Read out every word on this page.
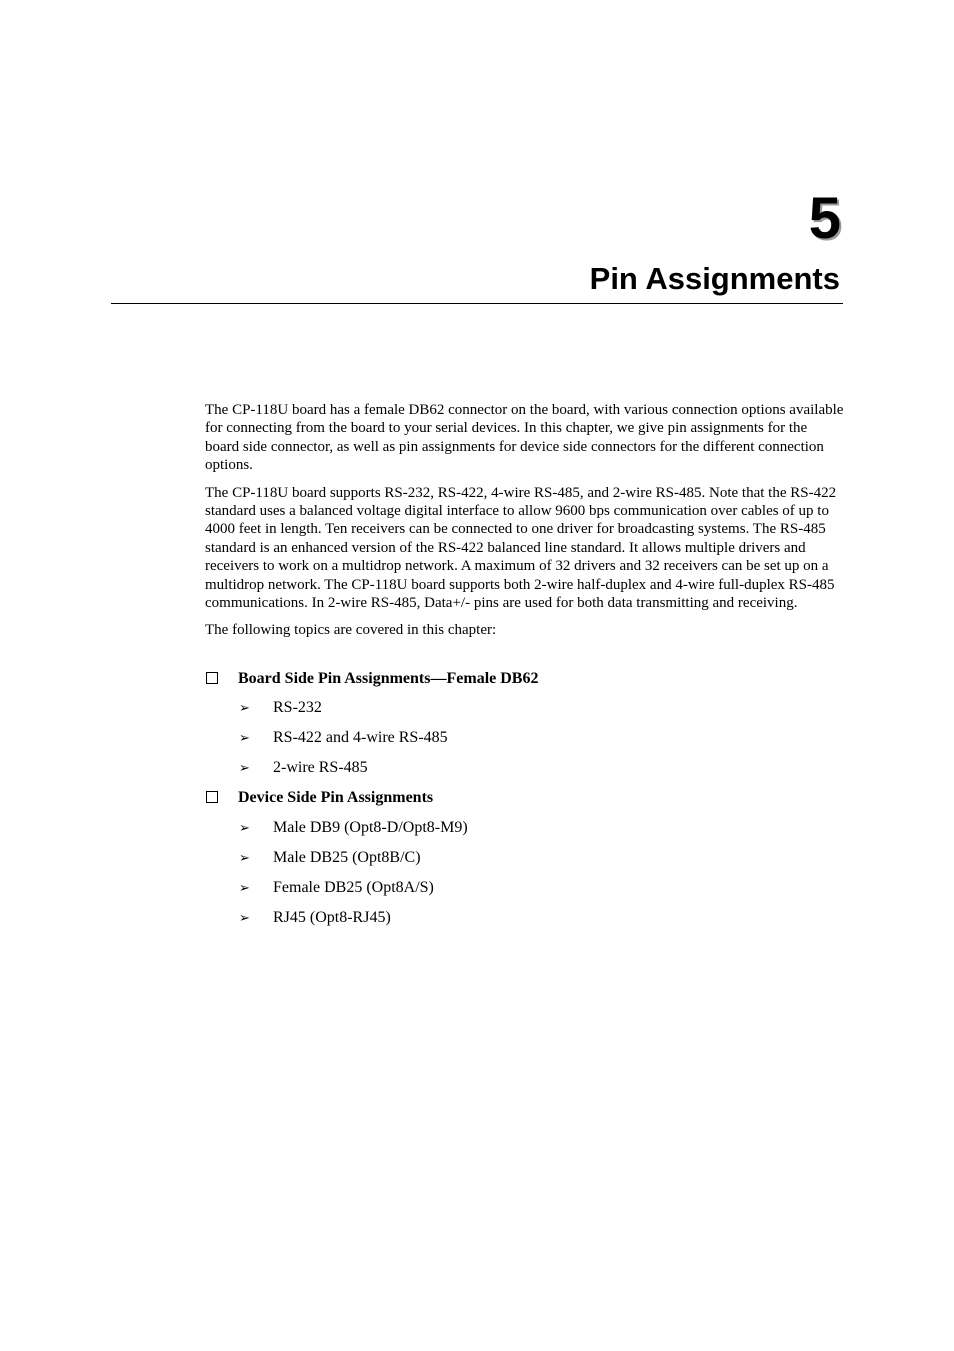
5
Pin Assignments

The CP-118U board has a female DB62 connector on the board, with various connection options available for connecting from the board to your serial devices. In this chapter, we give pin assignments for the board side connector, as well as pin assignments for device side connectors for the different connection options.

The CP-118U board supports RS-232, RS-422, 4-wire RS-485, and 2-wire RS-485. Note that the RS-422 standard uses a balanced voltage digital interface to allow 9600 bps communication over cables of up to 4000 feet in length. Ten receivers can be connected to one driver for broadcasting systems. The RS-485 standard is an enhanced version of the RS-422 balanced line standard. It allows multiple drivers and receivers to work on a multidrop network. A maximum of 32 drivers and 32 receivers can be set up on a multidrop network. The CP-118U board supports both 2-wire half-duplex and 4-wire full-duplex RS-485 communications. In 2-wire RS-485, Data+/- pins are used for both data transmitting and receiving.

The following topics are covered in this chapter:

Board Side Pin Assignments—Female DB62
➢ RS-232
➢ RS-422 and 4-wire RS-485
➢ 2-wire RS-485
Device Side Pin Assignments
➢ Male DB9 (Opt8-D/Opt8-M9)
➢ Male DB25 (Opt8B/C)
➢ Female DB25 (Opt8A/S)
➢ RJ45 (Opt8-RJ45)
